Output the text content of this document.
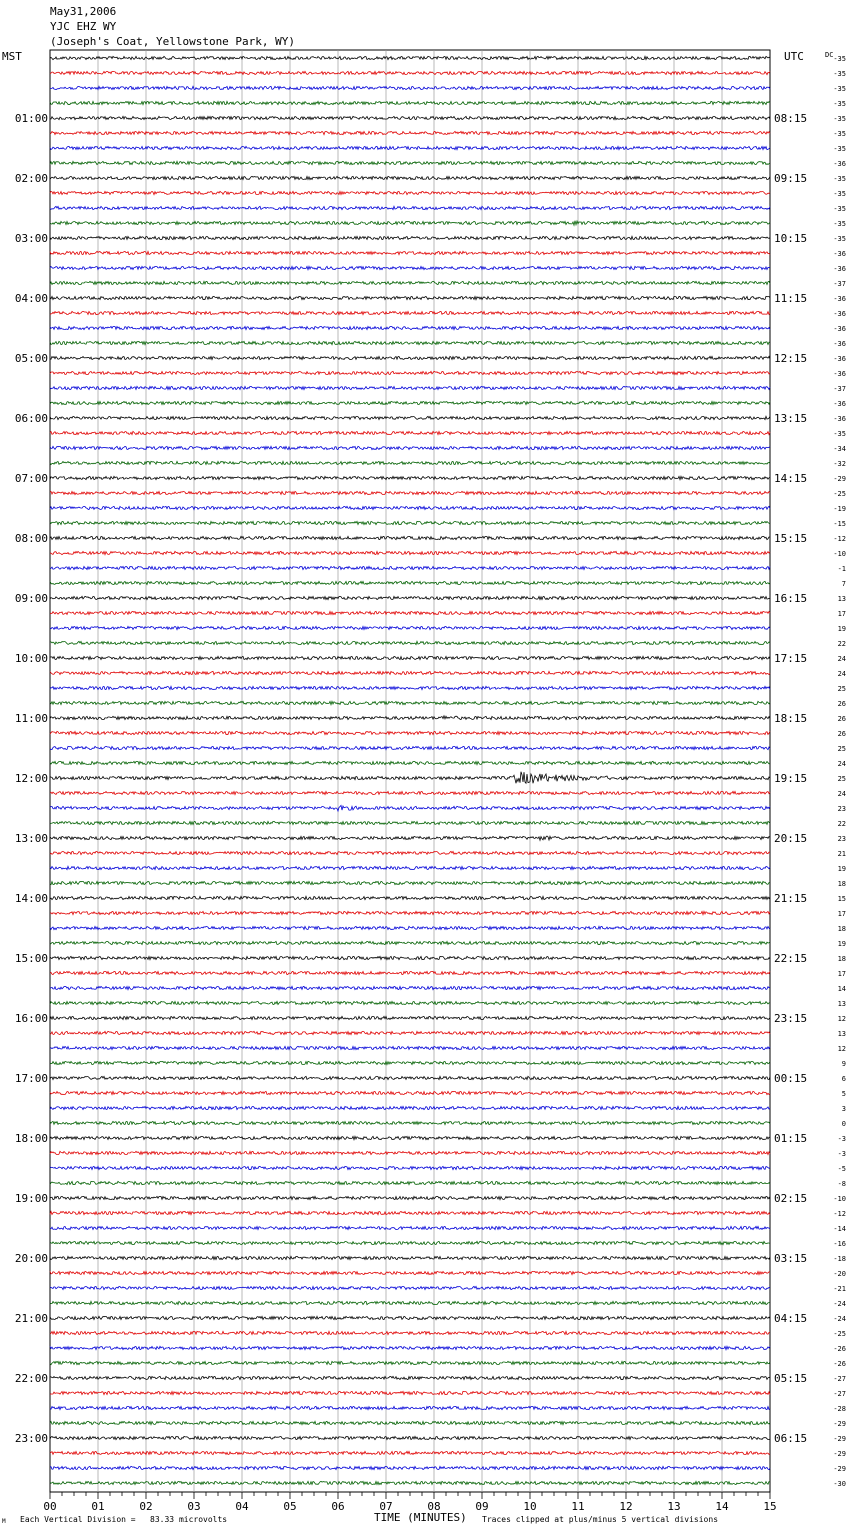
May31,2006
YJC EHZ WY
(Joseph's Coat, Yellowstone Park, WY)
MST	UTC	DC -35
-35
-35
-35
-35
-35
-35
-36
-35
-35
-35
-35
-35
-36
-36
-37
-36
-36
-36
-36
-36
-36
-37
-36
-36
-35
-34
-32
-29
-25
-19
-15
-12
-10
-1
7
13
17
19
22
24
24
25
26
26
26
25
24
25
24
23
22
23
21
19
18
15
17
18
19
18
17
14
13
12
13
12
9
6
5
3
0
-3
-3
-5
-8
-10
-12
-14
-16
-18
-20
-21
-24
-24
-25
-26
-26
-27
-27
-28
-29
-29
-29
-29
-30
01:00
02:00
03:00
04:00
05:00
06:00
07:00
08:00
09:00
10:00
11:00
12:00
13:00
14:00
15:00
16:00
17:00
18:00
19:00
20:00
21:00
22:00
23:00
08:15
09:15
10:15
11:15
12:15
13:15
14:15
15:15
16:15
17:15
18:15
19:15
20:15
21:15
22:15
23:15
00:15
01:15
02:15
03:15
04:15
05:15
06:15
00	01	02	03	04	05	06	07	08	09	10	11	12	13	14	15
M Each Vertical Division =   83.33 microvolts	Traces clipped at plus/minus 5 vertical divisions
TIME (MINUTES)
